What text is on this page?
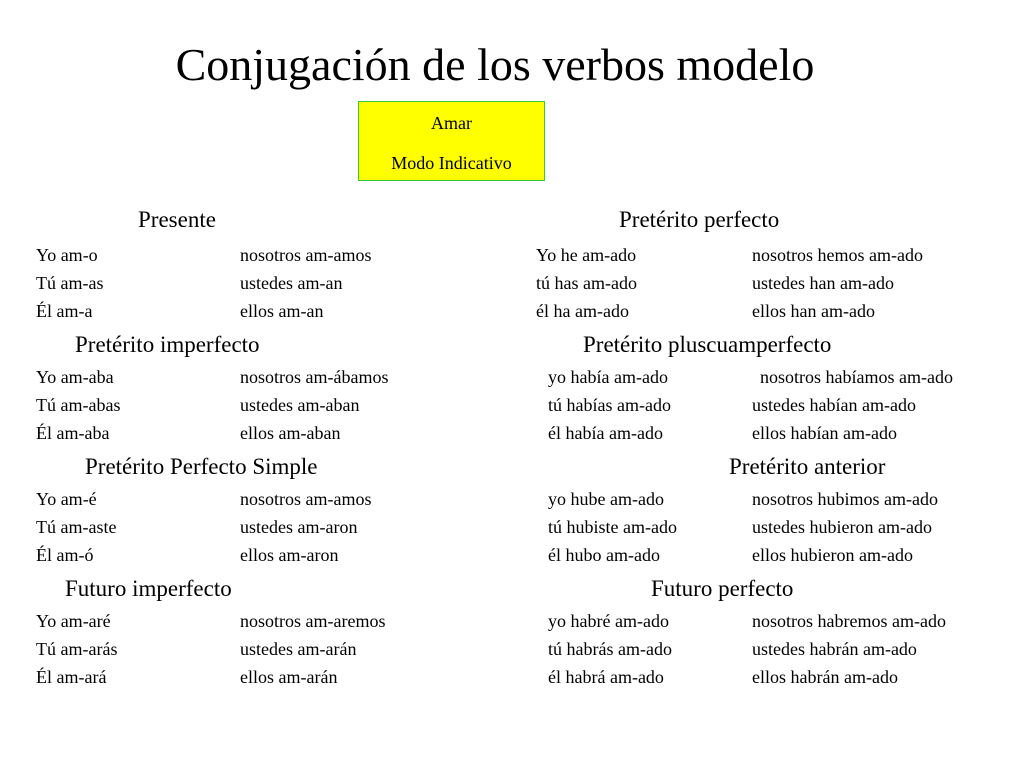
Conjugación de los verbos modelo
Amar
Modo Indicativo
Presente
Yo am-o	nosotros am-amos
Tú am-as	ustedes am-an
Él am-a	ellos am-an
Pretérito imperfecto
Yo am-aba	nosotros am-ábamos
Tú am-abas	ustedes am-aban
Él am-aba	ellos am-aban
Pretérito Perfecto Simple
Yo am-é	nosotros am-amos
Tú am-aste	ustedes am-aron
Él am-ó	ellos am-aron
Futuro imperfecto
Yo am-aré	nosotros am-aremos
Tú am-arás	ustedes am-arán
Él am-ará	ellos am-arán
Pretérito perfecto
Yo he am-ado	nosotros hemos am-ado
tú has am-ado	ustedes han am-ado
él ha am-ado	ellos han am-ado
Pretérito pluscuamperfecto
yo había am-ado	nosotros habíamos am-ado
tú habías am-ado	ustedes habían am-ado
él había am-ado	ellos habían am-ado
Pretérito anterior
yo hube am-ado	nosotros hubimos am-ado
tú hubiste am-ado	ustedes hubieron am-ado
él hubo am-ado	ellos hubieron am-ado
Futuro perfecto
yo habré am-ado	nosotros habremos am-ado
tú habrás am-ado	ustedes habrán am-ado
él habrá am-ado	ellos habrán am-ado
